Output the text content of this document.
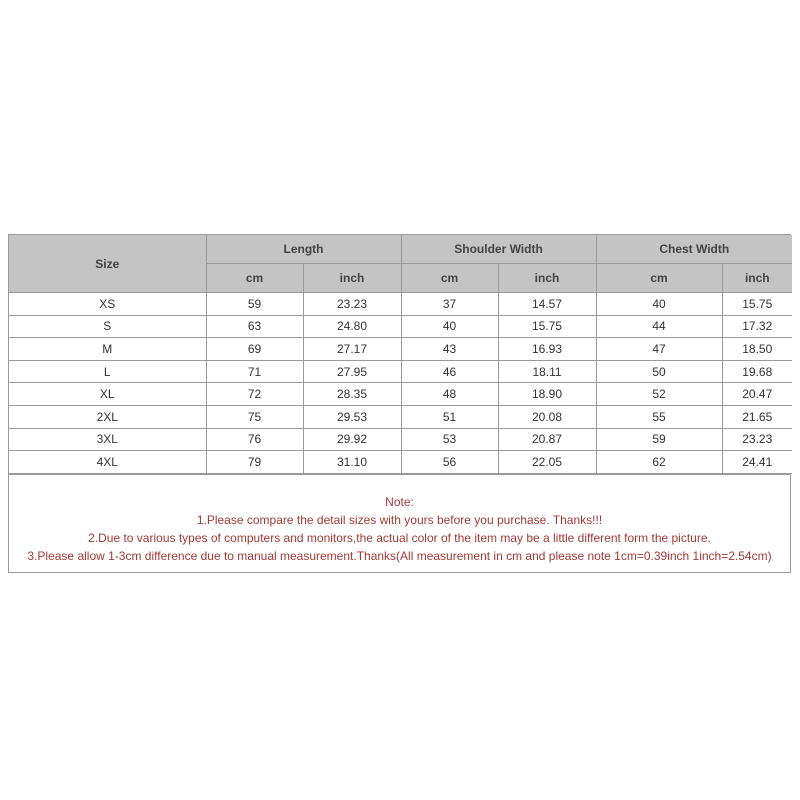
Size	Length		Shoulder Width		Chest Width	
	cm	inch	cm	inch	cm	inch
XS	59	23.23	37	14.57	40	15.75
S	63	24.80	40	15.75	44	17.32
M	69	27.17	43	16.93	47	18.50
L	71	27.95	46	18.11	50	19.68
XL	72	28.35	48	18.90	52	20.47
2XL	75	29.53	51	20.08	55	21.65
3XL	76	29.92	53	20.87	59	23.23
4XL	79	31.10	56	22.05	62	24.41
Note:
1.Please compare the detail sizes with yours before you purchase. Thanks!!!
2.Due to various types of computers and monitors,the actual color of the item may be a little different form the picture.
3.Please allow 1-3cm difference due to manual measurement.Thanks(All measurement in cm and please note 1cm=0.39inch 1inch=2.54cm)
